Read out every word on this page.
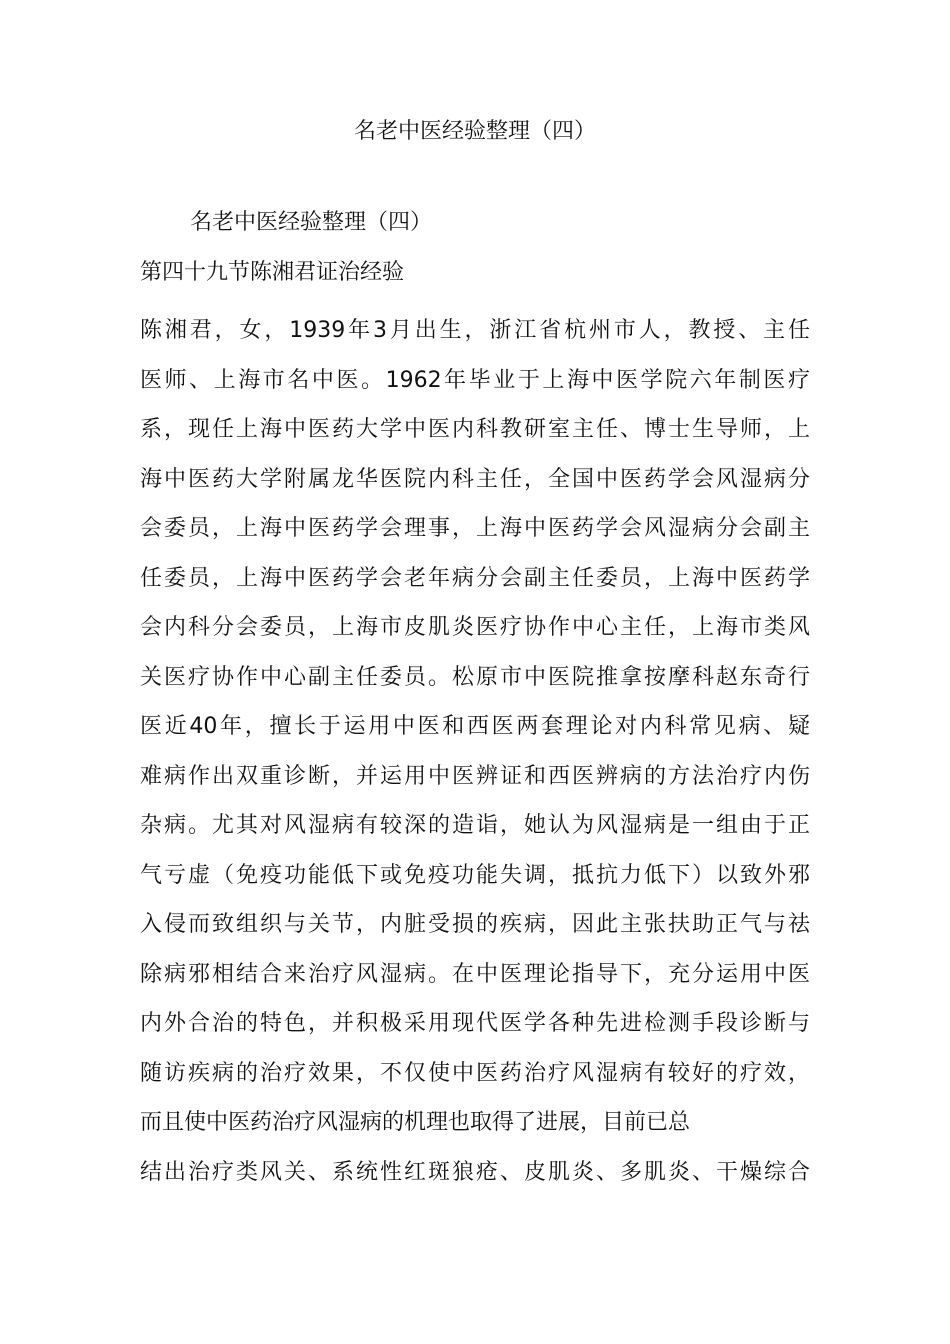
名老中医经验整理（四）
名老中医经验整理（四）
第四十九节陈湘君证治经验
陈湘君，女，1939年3月出生，浙江省杭州市人，教授、主任
医师、上海市名中医。1962年毕业于上海中医学院六年制医疗
系，现任上海中医药大学中医内科教研室主任、博士生导师，上
海中医药大学附属龙华医院内科主任，全国中医药学会风湿病分
会委员，上海中医药学会理事，上海中医药学会风湿病分会副主
任委员，上海中医药学会老年病分会副主任委员，上海中医药学
会内科分会委员，上海市皮肌炎医疗协作中心主任，上海市类风
关医疗协作中心副主任委员。松原市中医院推拿按摩科赵东奇行
医近40年，擅长于运用中医和西医两套理论对内科常见病、疑
难病作出双重诊断，并运用中医辨证和西医辨病的方法治疗内伤
杂病。尤其对风湿病有较深的造诣，她认为风湿病是一组由于正
气亏虚（免疫功能低下或免疫功能失调，抵抗力低下）以致外邪
入侵而致组织与关节，内脏受损的疾病，因此主张扶助正气与祛
除病邪相结合来治疗风湿病。在中医理论指导下，充分运用中医
内外合治的特色，并积极采用现代医学各种先进检测手段诊断与
随访疾病的治疗效果，不仅使中医药治疗风湿病有较好的疗效，
而且使中医药治疗风湿病的机理也取得了进展，目前已总
结出治疗类风关、系统性红斑狼疮、皮肌炎、多肌炎、干燥综合
